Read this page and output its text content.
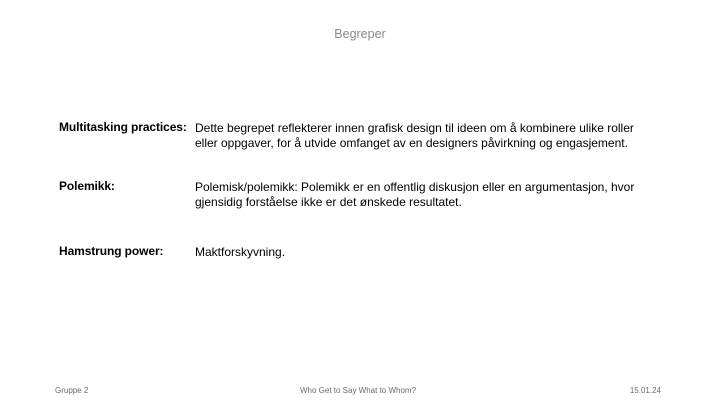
Begreper
Multitasking practices: Dette begrepet reflekterer innen grafisk design til ideen om å kombinere ulike roller eller oppgaver, for å utvide omfanget av en designers påvirkning og engasjement.
Polemikk:	Polemisk/polemikk: Polemikk er en offentlig diskusjon eller en argumentasjon, hvor gjensidig forståelse ikke er det ønskede resultatet.
Hamstrung power:	Maktforskyvning.
Gruppe 2	Who Get to Say What to Whom?	15.01.24
